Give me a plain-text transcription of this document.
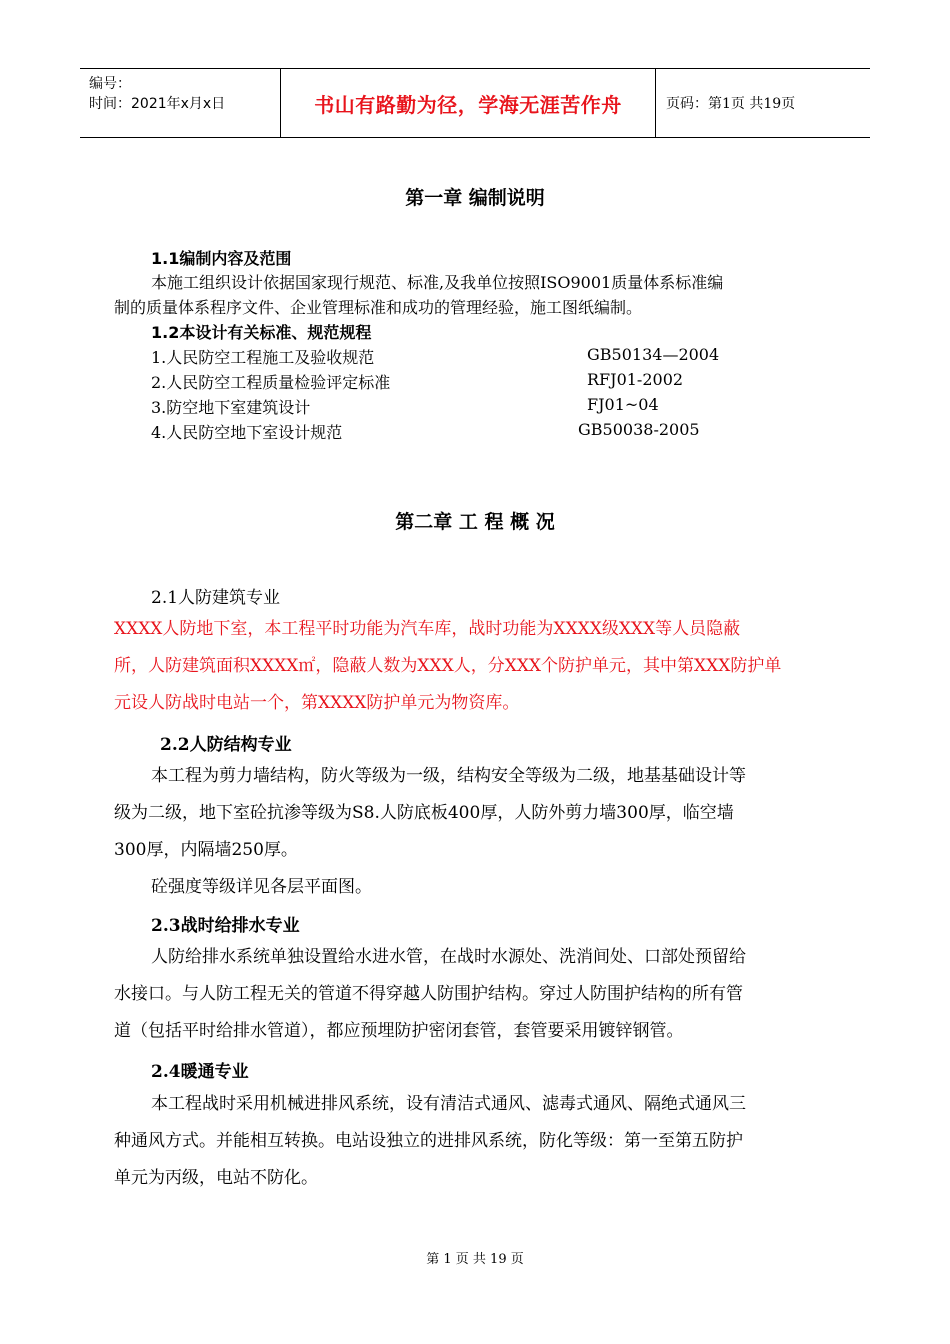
编号：
时间：2021年x月x日	书山有路勤为径，学海无涯苦作舟	页码：第1页 共19页
第一章 编制说明
1.1编制内容及范围
本施工组织设计依据国家现行规范、标准,及我单位按照ISO9001质量体系标准编
制的质量体系程序文件、企业管理标准和成功的管理经验，施工图纸编制。
1.2本设计有关标准、规范规程
1.人民防空工程施工及验收规范	GB50134—2004
2.人民防空工程质量检验评定标准	RFJ01-2002
3.防空地下室建筑设计	FJ01~04
4.人民防空地下室设计规范	GB50038-2005
第二章 工 程 概 况
2.1人防建筑专业
XXXX人防地下室，本工程平时功能为汽车库，战时功能为XXXX级XXX等人员隐蔽
所，人防建筑面积XXXX㎡，隐蔽人数为XXX人，分XXX个防护单元，其中第XXX防护单
元设人防战时电站一个，第XXXX防护单元为物资库。
2.2人防结构专业
本工程为剪力墙结构，防火等级为一级，结构安全等级为二级，地基基础设计等
级为二级，地下室砼抗渗等级为S8.人防底板400厚，人防外剪力墙300厚，临空墙
300厚，内隔墙250厚。
砼强度等级详见各层平面图。
2.3战时给排水专业
人防给排水系统单独设置给水进水管，在战时水源处、洗消间处、口部处预留给
水接口。与人防工程无关的管道不得穿越人防围护结构。穿过人防围护结构的所有管
道（包括平时给排水管道），都应预埋防护密闭套管，套管要采用镀锌钢管。
2.4暖通专业
本工程战时采用机械进排风系统，设有清洁式通风、滤毒式通风、隔绝式通风三
种通风方式。并能相互转换。电站设独立的进排风系统，防化等级：第一至第五防护
单元为丙级，电站不防化。
第 1 页 共 19 页
